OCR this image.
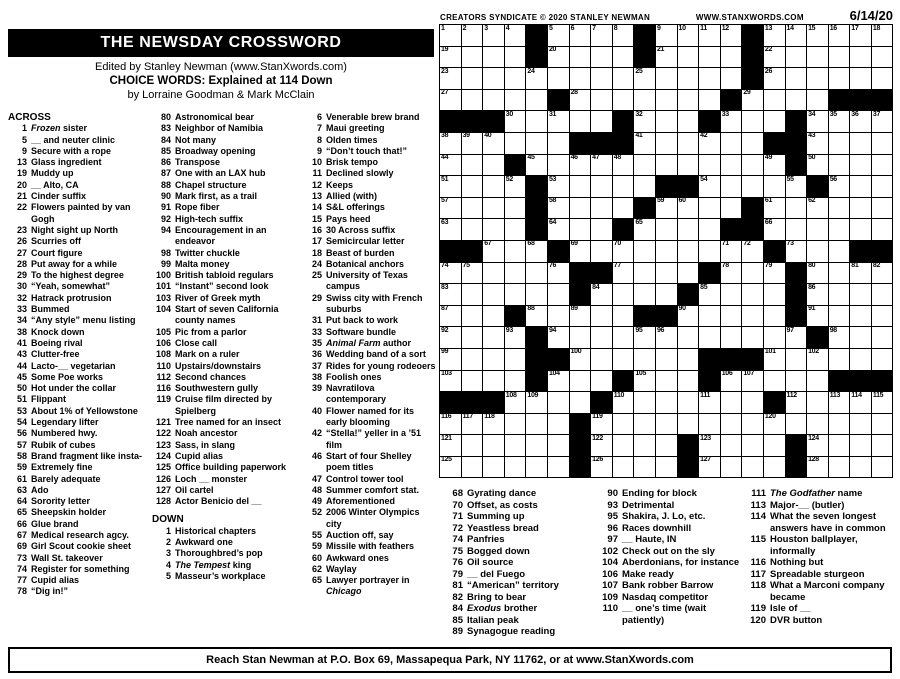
CREATORS SYNDICATE © 2020 STANLEY NEWMAN	WWW.STANXWORDS.COM	6/14/20
THE NEWSDAY CROSSWORD
Edited by Stanley Newman (www.StanXwords.com)
CHOICE WORDS: Explained at 114 Down
by Lorraine Goodman & Mark McClain
ACROSS
1 Frozen sister
5 __ and neuter clinic
9 Secure with a rope
13 Glass ingredient
19 Muddy up
20 __ Alto, CA
21 Cinder suffix
22 Flowers painted by van Gogh
23 Night sight up North
26 Scurries off
27 Court figure
28 Put away for a while
29 To the highest degree
30 “Yeah, somewhat”
32 Hatrack protrusion
33 Bummed
34 “Any style” menu listing
38 Knock down
41 Boeing rival
43 Clutter-free
44 Lacto-__ vegetarian
45 Some Poe works
50 Hot under the collar
51 Flippant
53 About 1% of Yellowstone
54 Legendary lifter
56 Numbered hwy.
57 Rubik of cubes
58 Brand fragment like insta-
59 Extremely fine
61 Barely adequate
63 Ado
64 Sorority letter
65 Sheepskin holder
66 Glue brand
67 Medical research agcy.
69 Girl Scout cookie sheet
73 Wall St. takeover
74 Register for something
77 Cupid alias
78 “Dig in!”
80 Astronomical bear
83 Neighbor of Namibia
84 Not many
85 Broadway opening
86 Transpose
87 One with an LAX hub
88 Chapel structure
90 Mark first, as a trail
91 Rope fiber
92 High-tech suffix
94 Encouragement in an endeavor
98 Twitter chuckle
99 Malta money
100 British tabloid regulars
101 “Instant” second look
103 River of Greek myth
104 Start of seven California county names
105 Pic from a parlor
106 Close call
108 Mark on a ruler
110 Upstairs/downstairs
112 Second chances
116 Southwestern gully
119 Cruise film directed by Spielberg
121 Tree named for an insect
122 Noah ancestor
123 Sass, in slang
124 Cupid alias
125 Office building paperwork
126 Loch __ monster
127 Oil cartel
128 Actor Benicio del __
DOWN
1 Historical chapters
2 Awkward one
3 Thoroughbred’s pop
4 The Tempest king
5 Masseur’s workplace
6 Venerable brew brand
7 Maui greeting
8 Olden times
9 “Don’t touch that!”
10 Brisk tempo
11 Declined slowly
12 Keeps
13 Allied (with)
14 S&L offerings
15 Pays heed
16 30 Across suffix
17 Semicircular letter
18 Beast of burden
24 Botanical anchors
25 University of Texas campus
29 Swiss city with French suburbs
31 Put back to work
33 Software bundle
35 Animal Farm author
36 Wedding band of a sort
37 Rides for young rodeoers
38 Foolish ones
39 Navratilova contemporary
40 Flower named for its early blooming
42 “Stella!” yeller in a ’51 film
46 Start of four Shelley poem titles
47 Control tower tool
48 Summer comfort stat.
49 Aforementioned
52 2006 Winter Olympics city
55 Auction off, say
59 Missile with feathers
60 Awkward ones
62 Waylay
65 Lawyer portrayer in Chicago
68 Gyrating dance
70 Offset, as costs
71 Summing up
72 Yeastless bread
74 Panfries
75 Bogged down
76 Oil source
79 __ del Fuego
81 “American” territory
82 Bring to bear
84 Exodus brother
85 Italian peak
89 Synagogue reading
90 Ending for block
93 Detrimental
95 Shakira, J. Lo, etc.
96 Races downhill
97 __ Haute, IN
102 Check out on the sly
104 Aberdonians, for instance
106 Make ready
107 Bank robber Barrow
109 Nasdaq competitor
110 __ one’s time (wait patiently)
111 The Godfather name
113 Major-__ (butler)
114 What the seven longest answers have in common
115 Houston ballplayer, informally
116 Nothing but
117 Spreadable sturgeon
118 What a Marconi company became
119 Isle of __
120 DVR button
1	2	3	4	5	6	7	8	9	10 11 12	13 14 15 16 17 18
19	20	21	22
23	24	25	26
27	28	29
30	31	32	33	34 35 36 37
38 39 40	41	42	43
44	45	46 47 48	49	50
51	52	53	54	55	56
57	58	59 60	61	62
63	64	65	66
67	68	69	70	71 72	73
74 75	76	77	78	79	80	81 82
83	84	85	86
87	88	89	90	91
92	93	94	95 96	97	98
99	100	101	102
103	104	105	106 107
108 109	110	111	112	113 114 115
116 117 118	119	120
121	122	123	124
125	126	127	128
Reach Stan Newman at P.O. Box 69, Massapequa Park, NY 11762, or at www.StanXwords.com
